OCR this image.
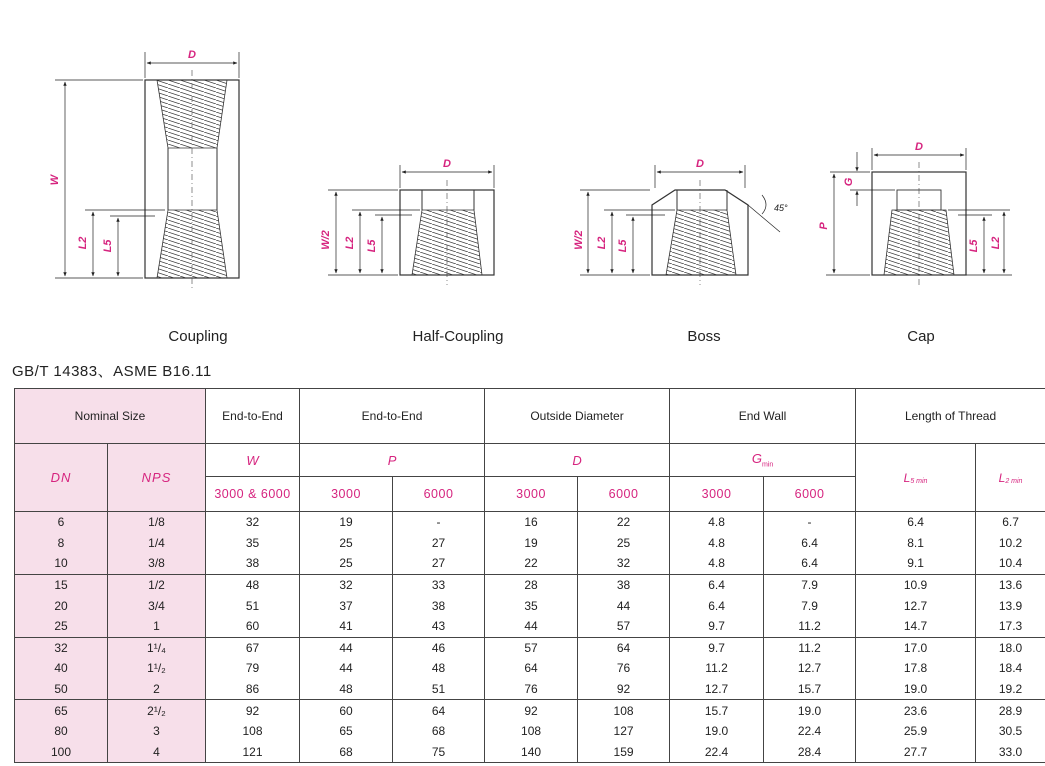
D
W
L2 L5
D
W/2 L2 L5
D
45°
W/2 L2 L5
D
G
P
L5 L2
Coupling	Half-Coupling	Boss	Cap
GB/T 14383、ASME B16.11
Nominal Size		End-to-End	End-to-End		Outside Diameter		End Wall		Length of Thread	
DN	NPS	W	P		D		$G_{min}$		$L_{5 min}$	$L_{2 min}$
		3000 & 6000	3000	6000	3000	6000	3000	6000		
6	1/8	32	19	-	16	22	4.8	-	6.4	6.7
8	1/4	35	25	27	19	25	4.8	6.4	8.1	10.2
10	3/8	38	25	27	22	32	4.8	6.4	9.1	10.4
15	1/2	48	32	33	28	38	6.4	7.9	10.9	13.6
20	3/4	51	37	38	35	44	6.4	7.9	12.7	13.9
25	1	60	41	43	44	57	9.7	11.2	14.7	17.3
32	1¹/₄	67	44	46	57	64	9.7	11.2	17.0	18.0
40	1¹/₂	79	44	48	64	76	11.2	12.7	17.8	18.4
50	2	86	48	51	76	92	12.7	15.7	19.0	19.2
65	2¹/₂	92	60	64	92	108	15.7	19.0	23.6	28.9
80	3	108	65	68	108	127	19.0	22.4	25.9	30.5
100	4	121	68	75	140	159	22.4	28.4	27.7	33.0
